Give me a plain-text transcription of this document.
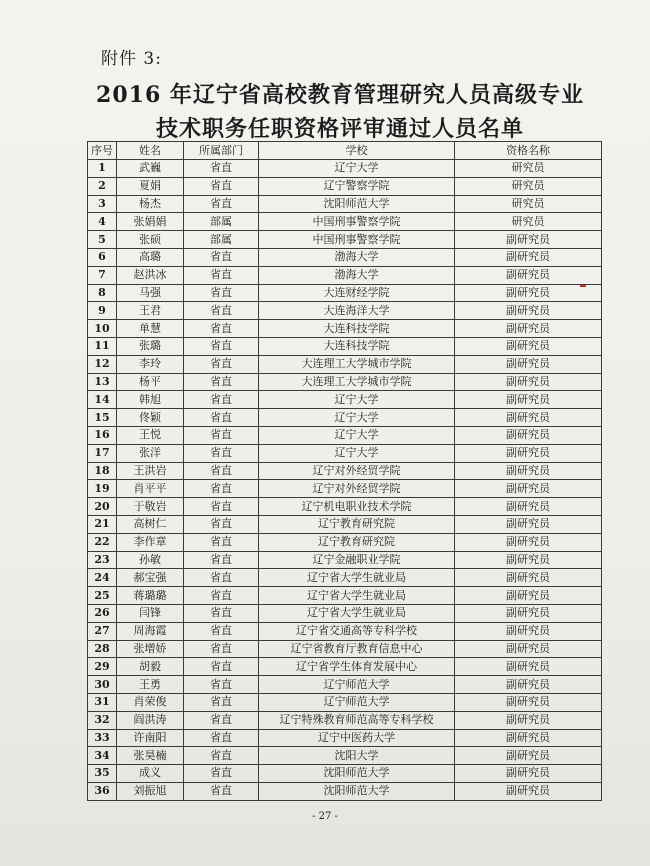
附件 3:
2016 年辽宁省高校教育管理研究人员高级专业
技术职务任职资格评审通过人员名单
序号	姓名	所属部门	学校	资格名称
1	武巍	省直	辽宁大学	研究员
2	夏娟	省直	辽宁警察学院	研究员
3	杨杰	省直	沈阳师范大学	研究员
4	张娟娟	部属	中国刑事警察学院	研究员
5	张硕	部属	中国刑事警察学院	副研究员
6	高璐	省直	渤海大学	副研究员
7	赵洪冰	省直	渤海大学	副研究员
8	马强	省直	大连财经学院	副研究员
9	王君	省直	大连海洋大学	副研究员
10	单慧	省直	大连科技学院	副研究员
11	张璐	省直	大连科技学院	副研究员
12	李玲	省直	大连理工大学城市学院	副研究员
13	杨平	省直	大连理工大学城市学院	副研究员
14	韩旭	省直	辽宁大学	副研究员
15	佟颖	省直	辽宁大学	副研究员
16	王悦	省直	辽宁大学	副研究员
17	张洋	省直	辽宁大学	副研究员
18	王洪岩	省直	辽宁对外经贸学院	副研究员
19	肖平平	省直	辽宁对外经贸学院	副研究员
20	于敬岩	省直	辽宁机电职业技术学院	副研究员
21	高树仁	省直	辽宁教育研究院	副研究员
22	李作章	省直	辽宁教育研究院	副研究员
23	孙敏	省直	辽宁金融职业学院	副研究员
24	郝宝强	省直	辽宁省大学生就业局	副研究员
25	蒋璐璐	省直	辽宁省大学生就业局	副研究员
26	闫锋	省直	辽宁省大学生就业局	副研究员
27	周海霞	省直	辽宁省交通高等专科学校	副研究员
28	张增娇	省直	辽宁省教育厅教育信息中心	副研究员
29	胡毅	省直	辽宁省学生体育发展中心	副研究员
30	王勇	省直	辽宁师范大学	副研究员
31	肖荣俊	省直	辽宁师范大学	副研究员
32	阎洪涛	省直	辽宁特殊教育师范高等专科学校	副研究员
33	许南阳	省直	辽宁中医药大学	副研究员
34	张昊楠	省直	沈阳大学	副研究员
35	成义	省直	沈阳师范大学	副研究员
36	刘振旭	省直	沈阳师范大学	副研究员
- 27 -
